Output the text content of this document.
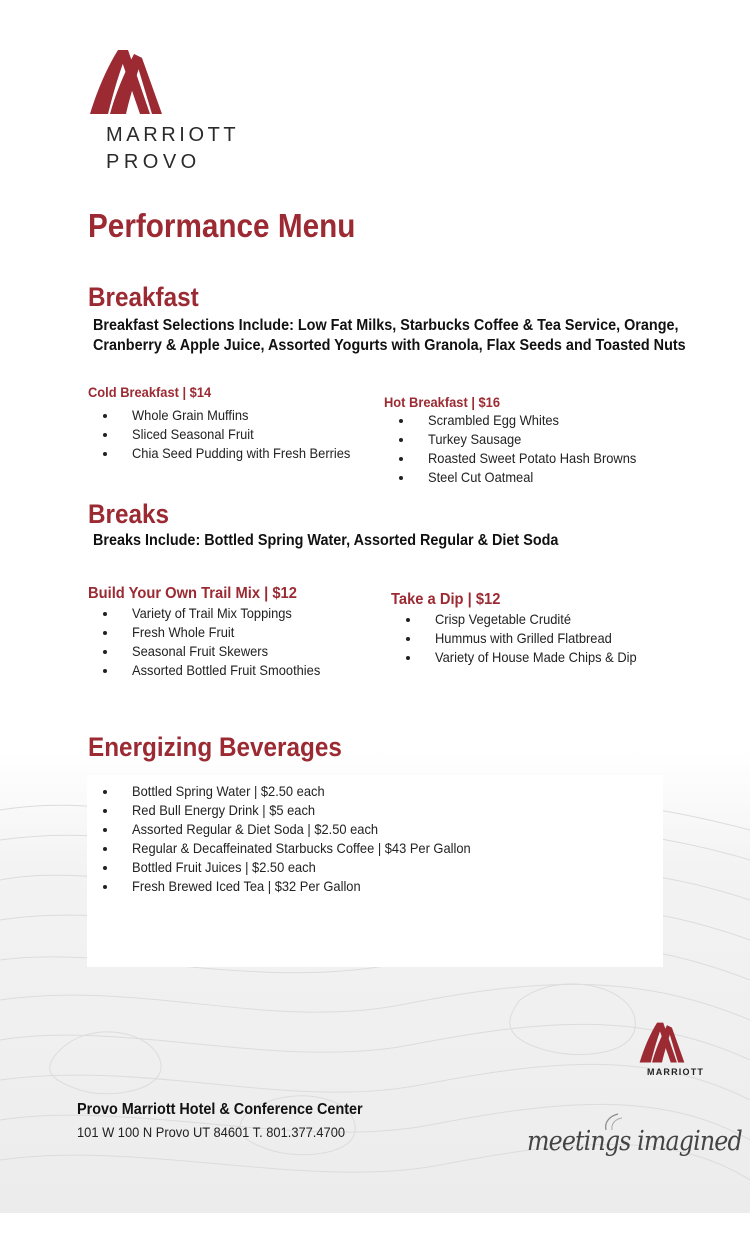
MARRIOTT
PROVO
Performance Menu
Breakfast
Breakfast Selections Include: Low Fat Milks, Starbucks Coffee & Tea Service, Orange,
Cranberry & Apple Juice, Assorted Yogurts with Granola, Flax Seeds and Toasted Nuts
Cold Breakfast | $14
Whole Grain Muffins
Sliced Seasonal Fruit
Chia Seed Pudding with Fresh Berries
Hot Breakfast | $16
Scrambled Egg Whites
Turkey Sausage
Roasted Sweet Potato Hash Browns
Steel Cut Oatmeal
Breaks
Breaks Include: Bottled Spring Water, Assorted Regular & Diet Soda
Build Your Own Trail Mix | $12
Variety of Trail Mix Toppings
Fresh Whole Fruit
Seasonal Fruit Skewers
Assorted Bottled Fruit Smoothies
Take a Dip | $12
Crisp Vegetable Crudité
Hummus with Grilled Flatbread
Variety of House Made Chips & Dip
Energizing Beverages
Bottled Spring Water | $2.50 each
Red Bull Energy Drink | $5 each
Assorted Regular & Diet Soda | $2.50 each
Regular & Decaffeinated Starbucks Coffee | $43 Per Gallon
Bottled Fruit Juices | $2.50 each
Fresh Brewed Iced Tea | $32 Per Gallon
MARRIOTT
Provo Marriott Hotel & Conference Center
101 W 100 N Provo UT 84601 T. 801.377.4700	meetings imagined
